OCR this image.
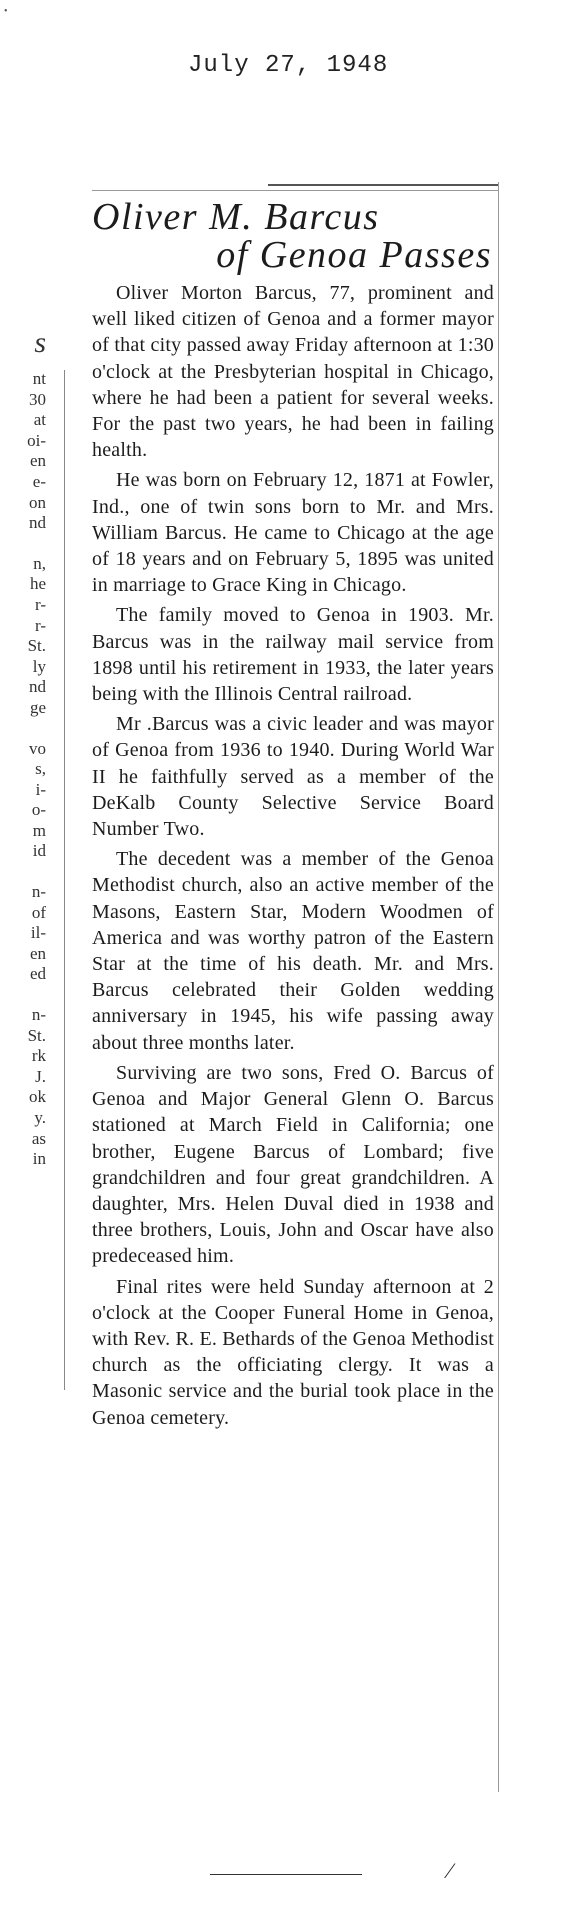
•
July 27, 1948
s
nt
30
at
oi-
en
e-
on
nd
n,
he
r-
r-
St.
ly
nd
ge
vo
s,
i-
o-
m
id
n-
of
il-
en
ed
n-
St.
rk
J.
ok
y.
as
in
Oliver M. Barcus
of Genoa Passes

Oliver Morton Barcus, 77, prominent and well liked citizen of Genoa and a former mayor of that city passed away Friday afternoon at 1:30 o'clock at the Presbyterian hospital in Chicago, where he had been a patient for several weeks. For the past two years, he had been in failing health.

He was born on February 12, 1871 at Fowler, Ind., one of twin sons born to Mr. and Mrs. William Barcus. He came to Chicago at the age of 18 years and on February 5, 1895 was united in marriage to Grace King in Chicago.

The family moved to Genoa in 1903. Mr. Barcus was in the railway mail service from 1898 until his retirement in 1933, the later years being with the Illinois Central railroad.

Mr .Barcus was a civic leader and was mayor of Genoa from 1936 to 1940. During World War II he faithfully served as a member of the DeKalb County Selective Service Board Number Two.

The decedent was a member of the Genoa Methodist church, also an active member of the Masons, Eastern Star, Modern Woodmen of America and was worthy patron of the Eastern Star at the time of his death. Mr. and Mrs. Barcus celebrated their Golden wedding anniversary in 1945, his wife passing away about three months later.

Surviving are two sons, Fred O. Barcus of Genoa and Major General Glenn O. Barcus stationed at March Field in California; one brother, Eugene Barcus of Lombard; five grandchildren and four great grandchildren. A daughter, Mrs. Helen Duval died in 1938 and three brothers, Louis, John and Oscar have also predeceased him.

Final rites were held Sunday afternoon at 2 o'clock at the Cooper Funeral Home in Genoa, with Rev. R. E. Bethards of the Genoa Methodist church as the officiating clergy. It was a Masonic service and the burial took place in the Genoa cemetery.

⁄
